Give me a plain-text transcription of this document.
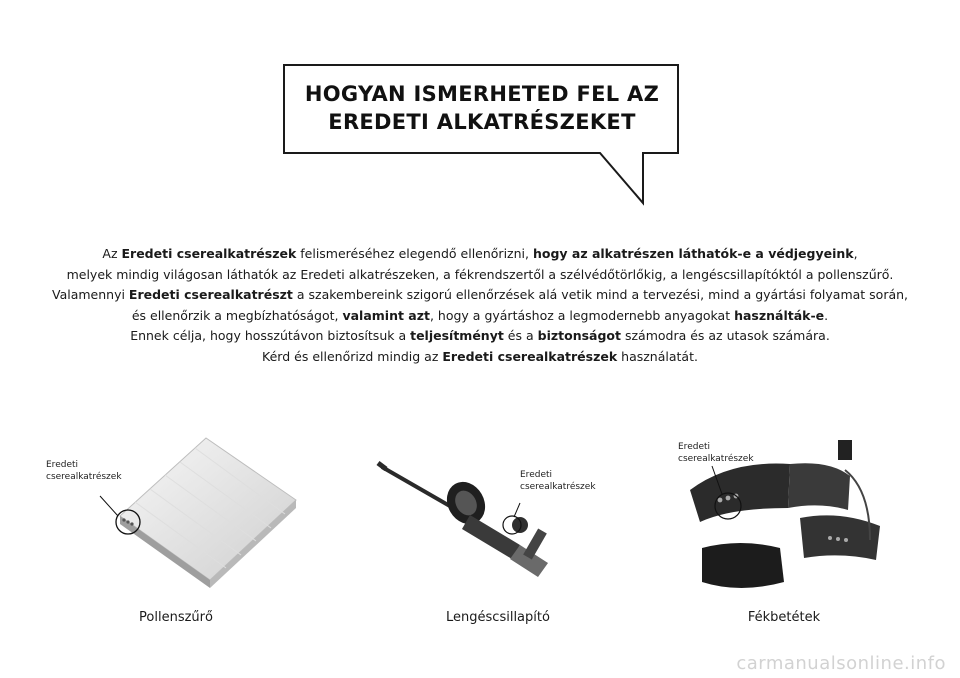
HOGYAN ISMERHETED FEL AZ
EREDETI ALKATRÉSZEKET
Az Eredeti cserealkatrészek felismeréséhez elegendő ellenőrizni, hogy az alkatrészen láthatók-e a védjegyeink,
melyek mindig világosan láthatók az Eredeti alkatrészeken, a fékrendszertől a szélvédőtörlőkig, a lengéscsillapítóktól a pollenszűrő.
Valamennyi Eredeti cserealkatrészt a szakembereink szigorú ellenőrzések alá vetik mind a tervezési, mind a gyártási folyamat során,
és ellenőrzik a megbízhatóságot, valamint azt, hogy a gyártáshoz a legmodernebb anyagokat használták-e.
Ennek célja, hogy hosszútávon biztosítsuk a teljesítményt és a biztonságot számodra és az utasok számára.
Kérd és ellenőrizd mindig az Eredeti cserealkatrészek használatát.
Eredeti
cserealkatrészek
Pollenszűrő
Eredeti
cserealkatrészek
Lengéscsillapító
Eredeti
cserealkatrészek
Fékbetétek
carmanualsonline.info
